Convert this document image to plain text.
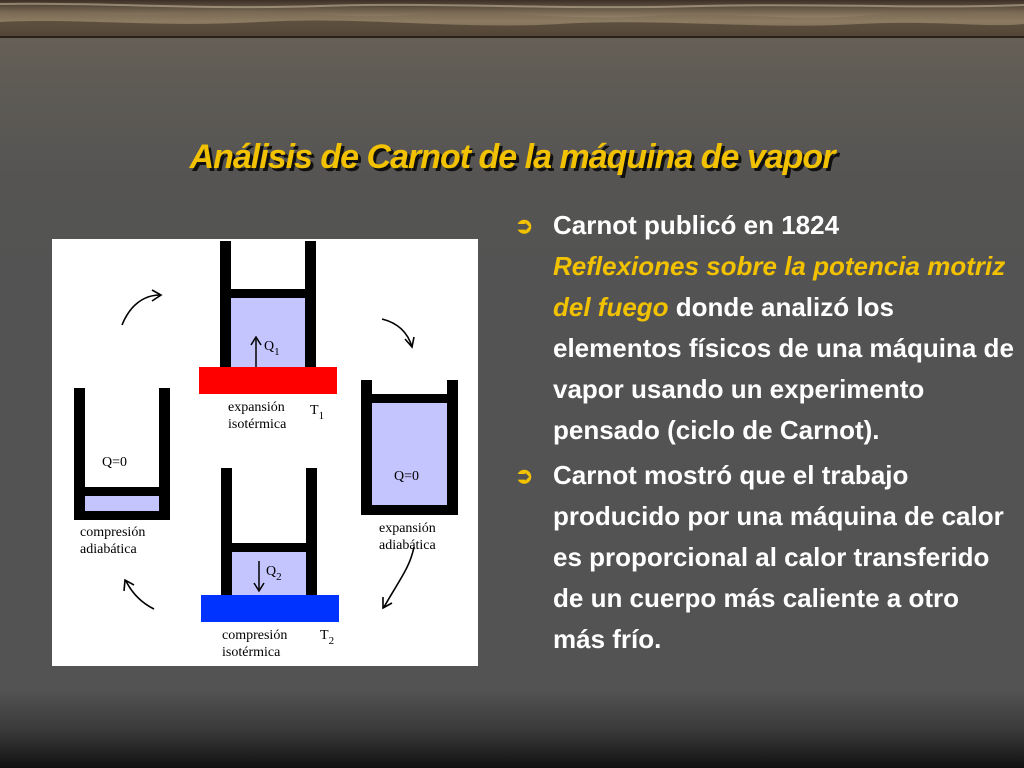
Análisis de Carnot de la máquina de vapor
$Q_1$
$T_1$
expansión
isotérmica
Q=0
expansión
adiabática
$Q_2$
$T_2$
compresión
isotérmica
Q=0
compresión
adiabática
➲ Carnot publicó en 1824
Reflexiones sobre la potencia motriz del fuego donde analizó los elementos físicos de una máquina de vapor usando un experimento pensado (ciclo de Carnot).
➲ Carnot mostró que el trabajo producido por una máquina de calor es proporcional al calor transferido de un cuerpo más caliente a otro más frío.
